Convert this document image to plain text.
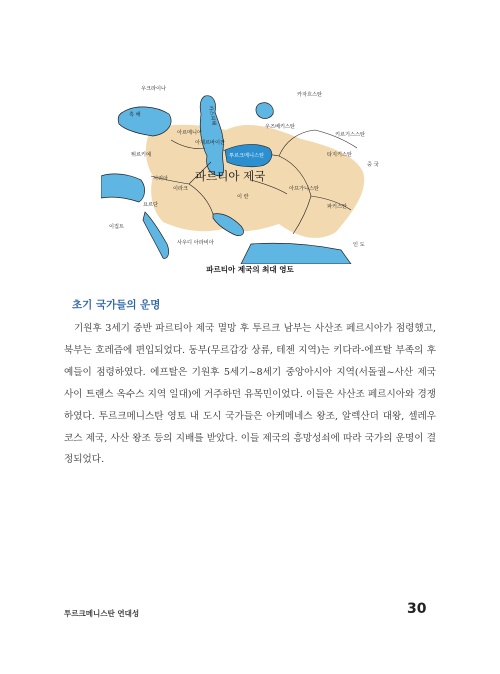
우크라이나
카자흐스탄
흑 해	카스피해
우즈베키스탄
키르기스스탄
아르메니아
아제르바이잔
투르크메니스탄	타지키스탄
튀르키예
중 국
파르티아 제국
시리아
이라크	아프가니스탄
이 란
파키스탄
요르단
이집트
사우디 아라비아	인 도
파르티아 제국의 최대 영토
초기 국가들의 운명

기원후 3세기 중반 파르티아 제국 멸망 후 투르크 남부는 사산조 페르시아가 점령했고, 북부는 호레즘에 편입되었다. 동부(무르갑강 상류, 테젠 지역)는 키다라-에프탈 부족의 후예들이 점령하였다. 에프탈은 기원후 5세기~8세기 중앙아시아 지역(서돌궐~사산 제국 사이 트랜스 옥수스 지역 일대)에 거주하던 유목민이었다. 이들은 사산조 페르시아와 경쟁하였다. 투르크메니스탄 영토 내 도시 국가들은 아케메네스 왕조, 알렉산더 대왕, 셀레우코스 제국, 사산 왕조 등의 지배를 받았다. 이들 제국의 흥망성쇠에 따라 국가의 운명이 결정되었다.

투르크메니스탄 연대성	30
